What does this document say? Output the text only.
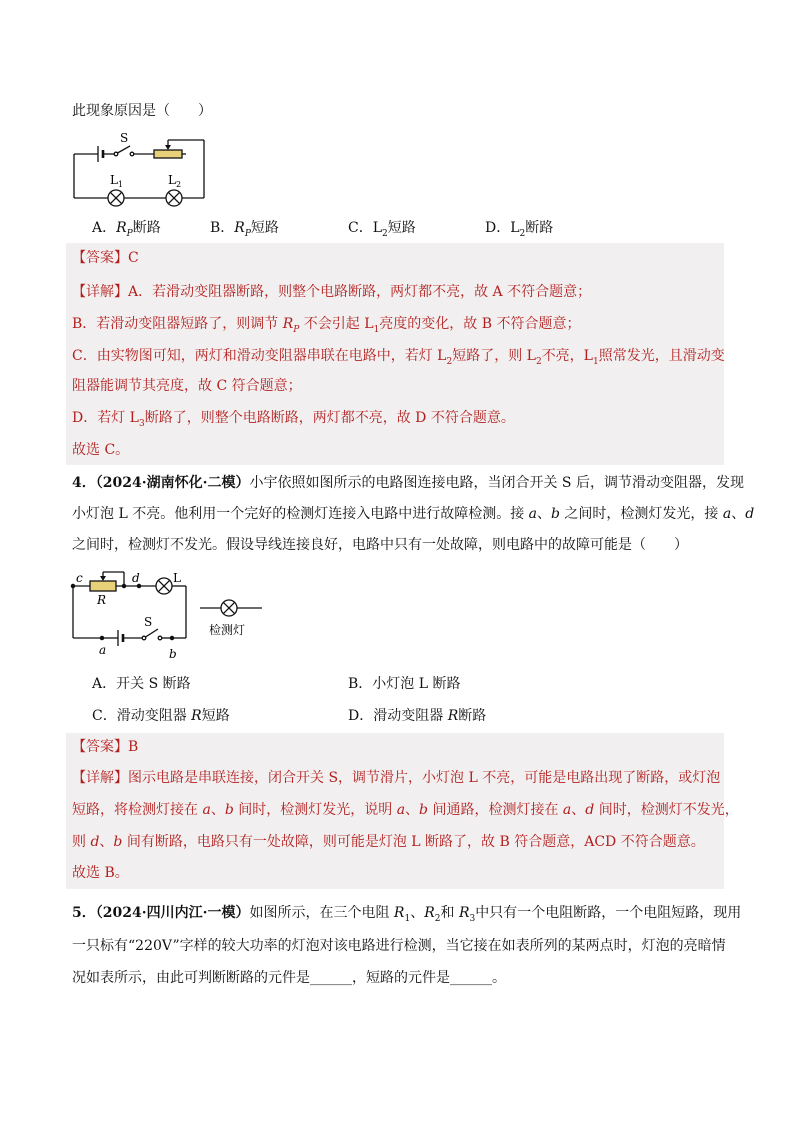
此现象原因是（　　）
S
L 1	L 2
A．$R_P$断路	B．$R_P$短路	C．$L_2$短路	D．$L_2$断路
【答案】C
【详解】A．若滑动变阻器断路，则整个电路断路，两灯都不亮，故 A 不符合题意；
B．若滑动变阻器短路了，则调节 $R_P$ 不会引起 $L_1$亮度的变化，故 B 不符合题意；
C．由实物图可知，两灯和滑动变阻器串联在电路中，若灯 $L_2$短路了，则 $L_2$不亮，$L_1$照常发光，且滑动变
阻器能调节其亮度，故 C 符合题意；
D．若灯 $L_3$断路了，则整个电路断路，两灯都不亮，故 D 不符合题意。
故选 C。
4．（2024·湖南怀化·二模）小宇依照如图所示的电路图连接电路，当闭合开关 S 后，调节滑动变阻器，发现
小灯泡 L 不亮。他利用一个完好的检测灯连接入电路中进行故障检测。接 a、b 之间时，检测灯发光，接 a、d
之间时，检测灯不发光。假设导线连接良好，电路中只有一处故障，则电路中的故障可能是（　　）
c	d	L
R
S
a	b
检测灯
A．开关 S 断路	B．小灯泡 L 断路
C．滑动变阻器 R短路	D．滑动变阻器 R断路
【答案】B
【详解】图示电路是串联连接，闭合开关 S，调节滑片，小灯泡 L 不亮，可能是电路出现了断路，或灯泡
短路，将检测灯接在 a、b 间时，检测灯发光，说明 a、b 间通路，检测灯接在 a、d 间时，检测灯不发光，
则 d、b 间有断路，电路只有一处故障，则可能是灯泡 L 断路了，故 B 符合题意，ACD 不符合题意。
故选 B。
5．（2024·四川内江·一模）如图所示，在三个电阻 $R_1$、$R_2$和 $R_3$中只有一个电阻断路，一个电阻短路，现用
一只标有“220V”字样的较大功率的灯泡对该电路进行检测，当它接在如表所列的某两点时，灯泡的亮暗情
况如表所示，由此可判断断路的元件是______，短路的元件是______。
